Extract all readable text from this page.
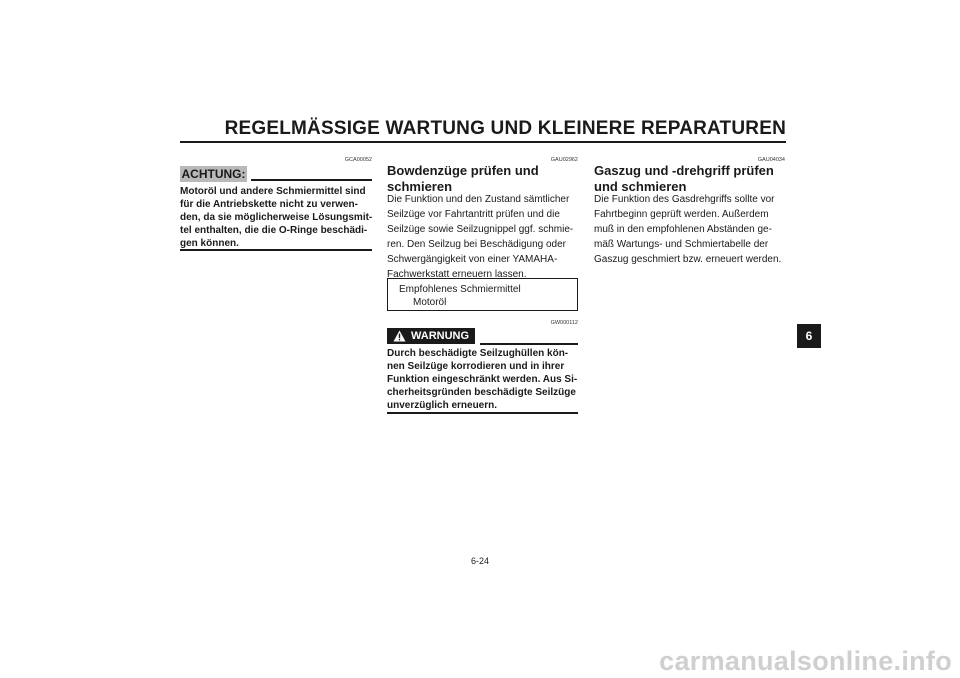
REGELMÄSSIGE WARTUNG UND KLEINERE REPARATUREN
GCA00052
ACHTUNG:
Motoröl und andere Schmiermittel sind
für die Antriebskette nicht zu verwen-
den, da sie möglicherweise Lösungsmit-
tel enthalten, die die O-Ringe beschädi-
gen können.
GAU02962
Bowdenzüge prüfen und
schmieren
Die Funktion und den Zustand sämtlicher
Seilzüge vor Fahrtantritt prüfen und die
Seilzüge sowie Seilzugnippel ggf. schmie-
ren. Den Seilzug bei Beschädigung oder
Schwergängigkeit von einer YAMAHA-
Fachwerkstatt erneuern lassen.
Empfohlenes Schmiermittel
Motoröl
GW000112
WARNUNG
Durch beschädigte Seilzughüllen kön-
nen Seilzüge korrodieren und in ihrer
Funktion eingeschränkt werden. Aus Si-
cherheitsgründen beschädigte Seilzüge
unverzüglich erneuern.
GAU04034
Gaszug und -drehgriff prüfen
und schmieren
Die Funktion des Gasdrehgriffs sollte vor
Fahrtbeginn geprüft werden. Außerdem
muß in den empfohlenen Abständen ge-
mäß Wartungs- und Schmiertabelle der
Gaszug geschmiert bzw. erneuert werden.
6
6-24
carmanualsonline.info
